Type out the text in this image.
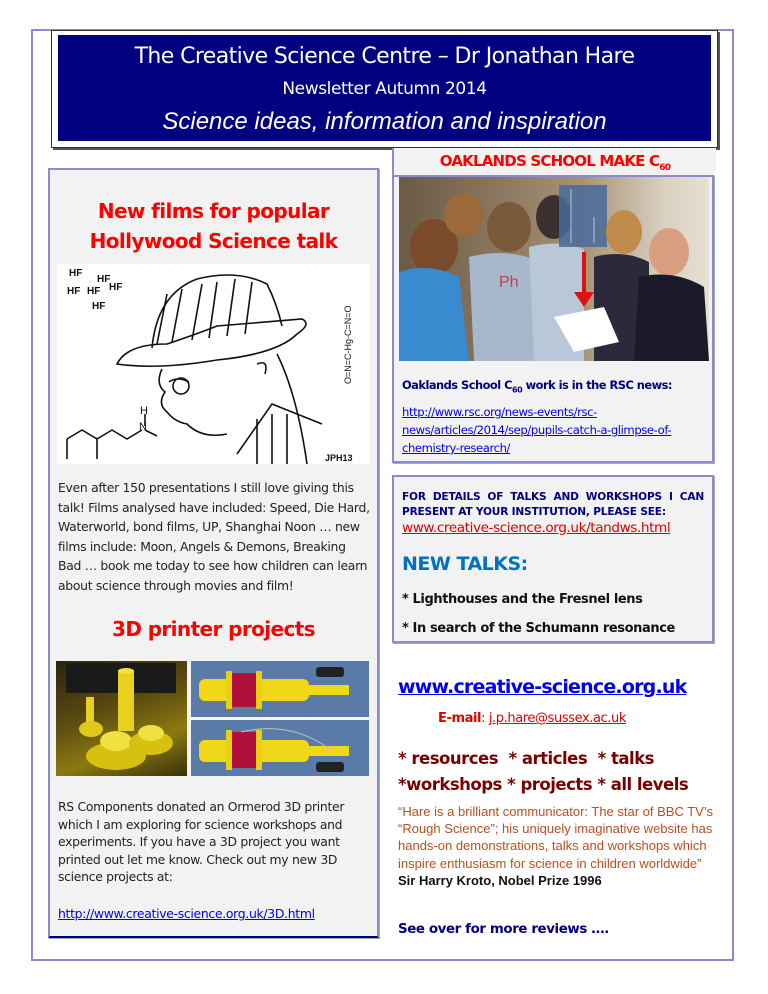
The Creative Science Centre – Dr Jonathan Hare
Newsletter Autumn 2014
Science ideas, information and inspiration
New films for popular
Hollywood Science talk
HF
HF
HF HF HF
HF
JPH13
H
N
O=N=C-Hg-C=N=O
Even after 150 presentations I still love giving this talk! Films analysed have included: Speed, Die Hard, Waterworld, bond films, UP, Shanghai Noon … new films include: Moon, Angels & Demons, Breaking Bad … book me today to see how children can learn about science through movies and film!
3D printer projects
RS Components donated an Ormerod 3D printer which I am exploring for science workshops and experiments. If you have a 3D project you want printed out let me know. Check out my new 3D science projects at:
http://www.creative-science.org.uk/3D.html
OAKLANDS SCHOOL MAKE $C_{60}$
Ph
Oaklands School $C_{60}$ work is in the RSC news:
http://www.rsc.org/news-events/rsc-news/articles/2014/sep/pupils-catch-a-glimpse-of-chemistry-research/
FOR DETAILS OF TALKS AND WORKSHOPS I CAN PRESENT AT YOUR INSTITUTION, PLEASE SEE:
www.creative-science.org.uk/tandws.html
NEW TALKS:
* Lighthouses and the Fresnel lens
* In search of the Schumann resonance
www.creative-science.org.uk
E-mail: j.p.hare@sussex.ac.uk
* resources  * articles  * talks
*workshops * projects * all levels
“Hare is a brilliant communicator: The star of BBC TV’s “Rough Science”; his uniquely imaginative website has hands-on demonstrations, talks and workshops which inspire enthusiasm for science in children worldwide”    Sir Harry Kroto, Nobel Prize 1996
See over for more reviews ….
